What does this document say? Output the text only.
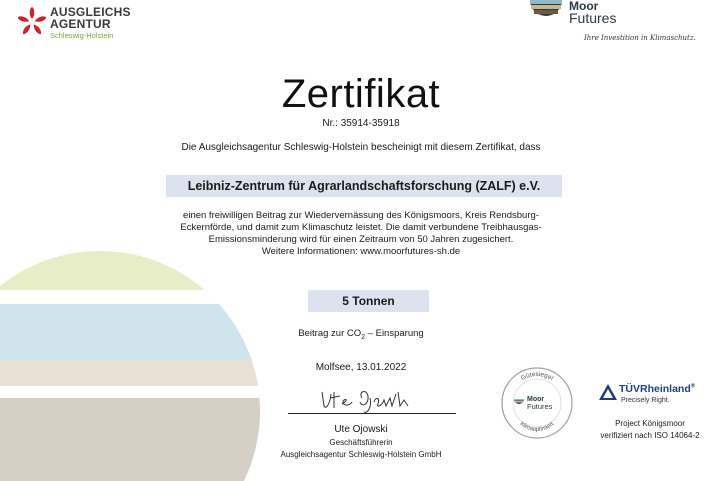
AUSGLEICHS
AGENTUR
Schleswig-Holstein
Moor
Futures
Ihre Investition in Klimaschutz.
Zertifikat
Nr.: 35914-35918
Die Ausgleichsagentur Schleswig-Holstein bescheinigt mit diesem Zertifikat, dass
Leibniz-Zentrum für Agrarlandschaftsforschung (ZALF) e.V.
einen freiwilligen Beitrag zur Wiedervernässung des Königsmoors, Kreis Rendsburg-
Eckernförde, und damit zum Klimaschutz leistet. Die damit verbundene Treibhausgas-
Emissionsminderung wird für einen Zeitraum von 50 Jahren zugesichert.
Weitere Informationen: www.moorfutures-sh.de
5 Tonnen
Beitrag zur $CO_2$ – Einsparung
Molfsee, 13.01.2022
Ute Ojowski
Geschäftsführerin
Ausgleichsagentur Schleswig-Holstein GmbH
Gütesiegel
klimaoptimiert
Moor
Futures
TÜVRheinland®
Precisely Right.
Project Königsmoor
verifiziert nach ISO 14064-2
